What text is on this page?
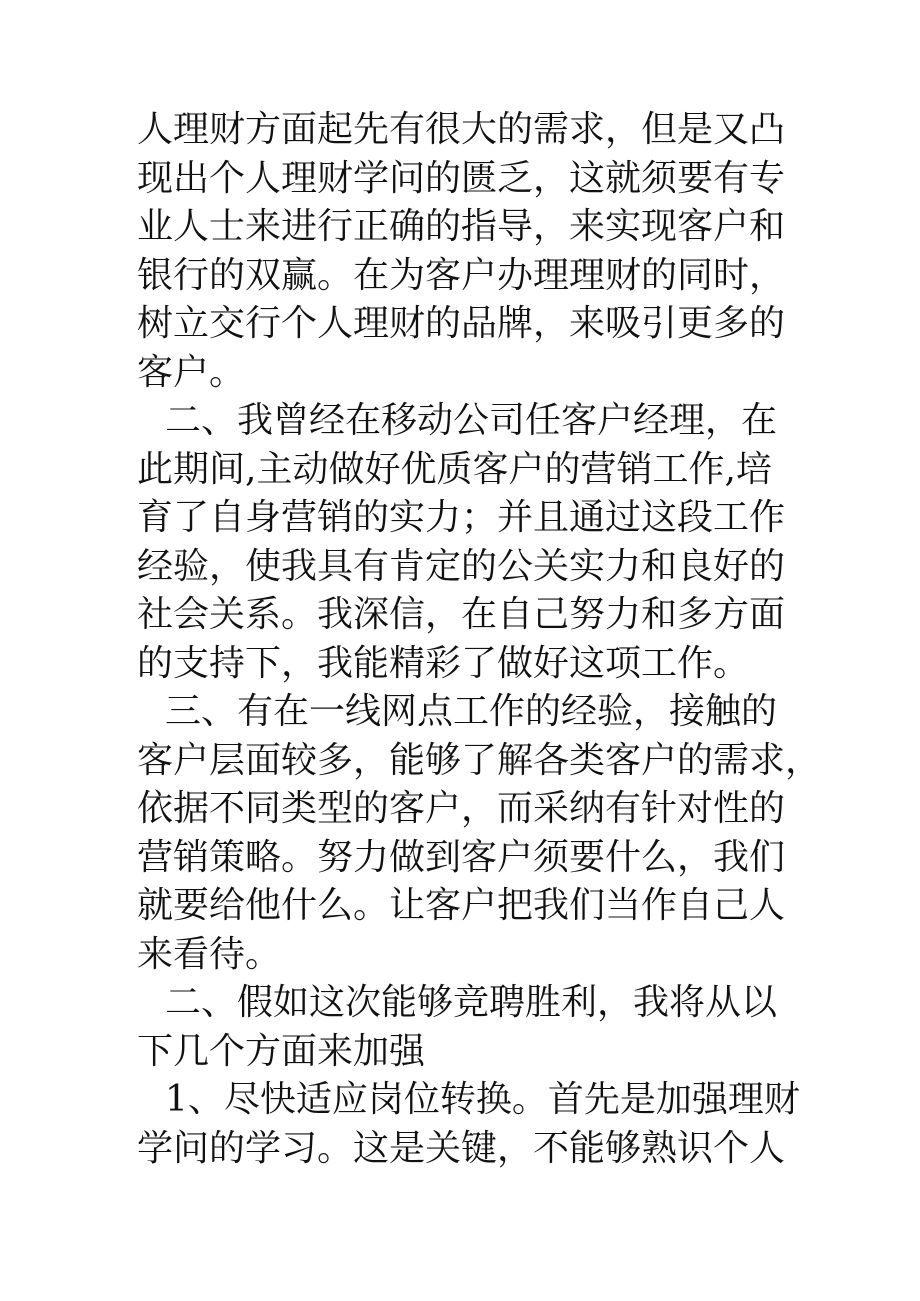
人理财方面起先有很大的需求，但是又凸
现出个人理财学问的匮乏，这就须要有专
业人士来进行正确的指导，来实现客户和
银行的双赢。在为客户办理理财的同时，
树立交行个人理财的品牌，来吸引更多的
客户。
二、我曾经在移动公司任客户经理，在
此期间,主动做好优质客户的营销工作,培
育了自身营销的实力；并且通过这段工作
经验，使我具有肯定的公关实力和良好的
社会关系。我深信，在自己努力和多方面
的支持下，我能精彩了做好这项工作。
三、有在一线网点工作的经验，接触的
客户层面较多，能够了解各类客户的需求，
依据不同类型的客户，而采纳有针对性的
营销策略。努力做到客户须要什么，我们
就要给他什么。让客户把我们当作自己人
来看待。
二、假如这次能够竞聘胜利，我将从以
下几个方面来加强
1、尽快适应岗位转换。首先是加强理财
学问的学习。这是关键，不能够熟识个人
